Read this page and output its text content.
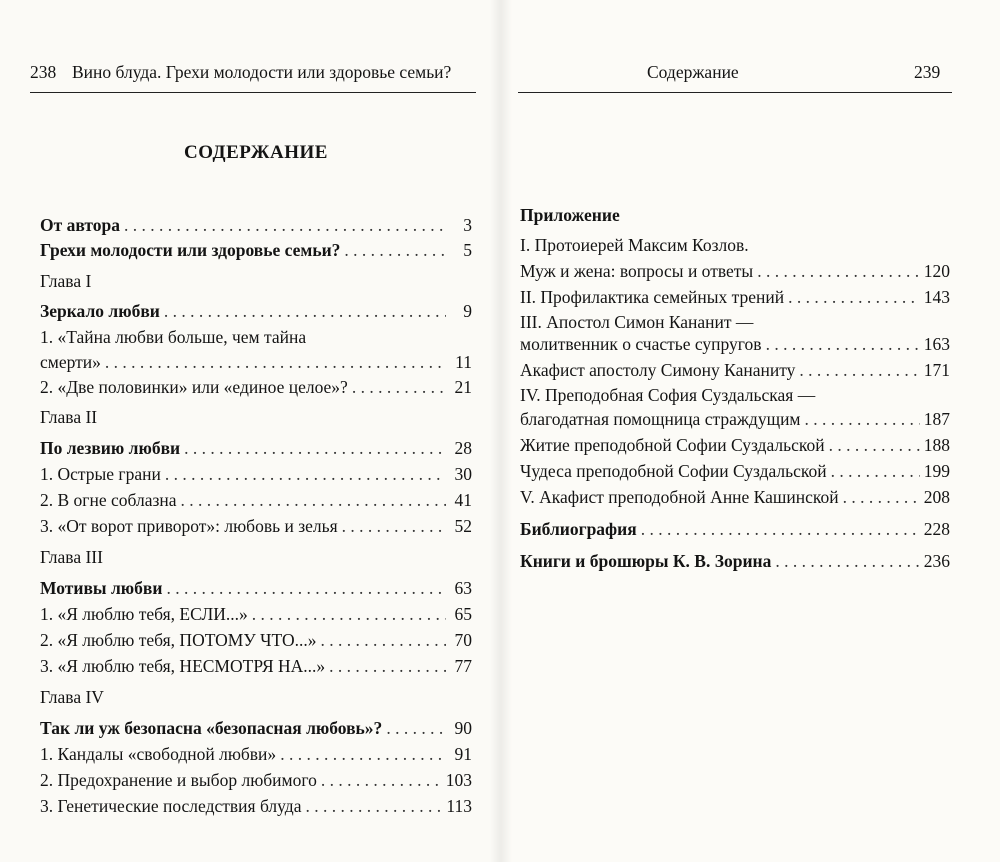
238 Вино блуда. Грехи молодости или здоровье семьи?
СОДЕРЖАНИЕ
От автора . . .	3
Грехи молодости или здоровье семьи? . . .	5
Глава I
Зеркало любви . . .	9
1. «Тайна любви больше, чем тайна
смерти» . . .	11
2. «Две половинки» или «единое целое»? . . .	21
Глава II
По лезвию любви . . .	28
1. Острые грани . . .	30
2. В огне соблазна . . .	41
3. «От ворот приворот»: любовь и зелья . . .	52
Глава III
Мотивы любви . . .	63
1. «Я люблю тебя, ЕСЛИ...» . . .	65
2. «Я люблю тебя, ПОТОМУ ЧТО...» . . .	70
3. «Я люблю тебя, НЕСМОТРЯ НА...» . . .	77
Глава IV
Так ли уж безопасна «безопасная любовь»? . . .	90
1. Кандалы «свободной любви» . . .	91
2. Предохранение и выбор любимого . . .	103
3. Генетические последствия блуда . . .	113
Содержание	239
Приложение
I. Протоиерей Максим Козлов.
Муж и жена: вопросы и ответы . . .	120
II. Профилактика семейных трений . . .	143
III. Апостол Симон Кананит —
молитвенник о счастье супругов . . .	163
Акафист апостолу Симону Кананиту . . .	171
IV. Преподобная София Суздальская —
благодатная помощница страждущим . . .	187
Житие преподобной Софии Суздальской . . .	188
Чудеса преподобной Софии Суздальской . . .	199
V. Акафист преподобной Анне Кашинской . . .	208
Библиография . . .	228
Книги и брошюры К. В. Зорина . . .	236
